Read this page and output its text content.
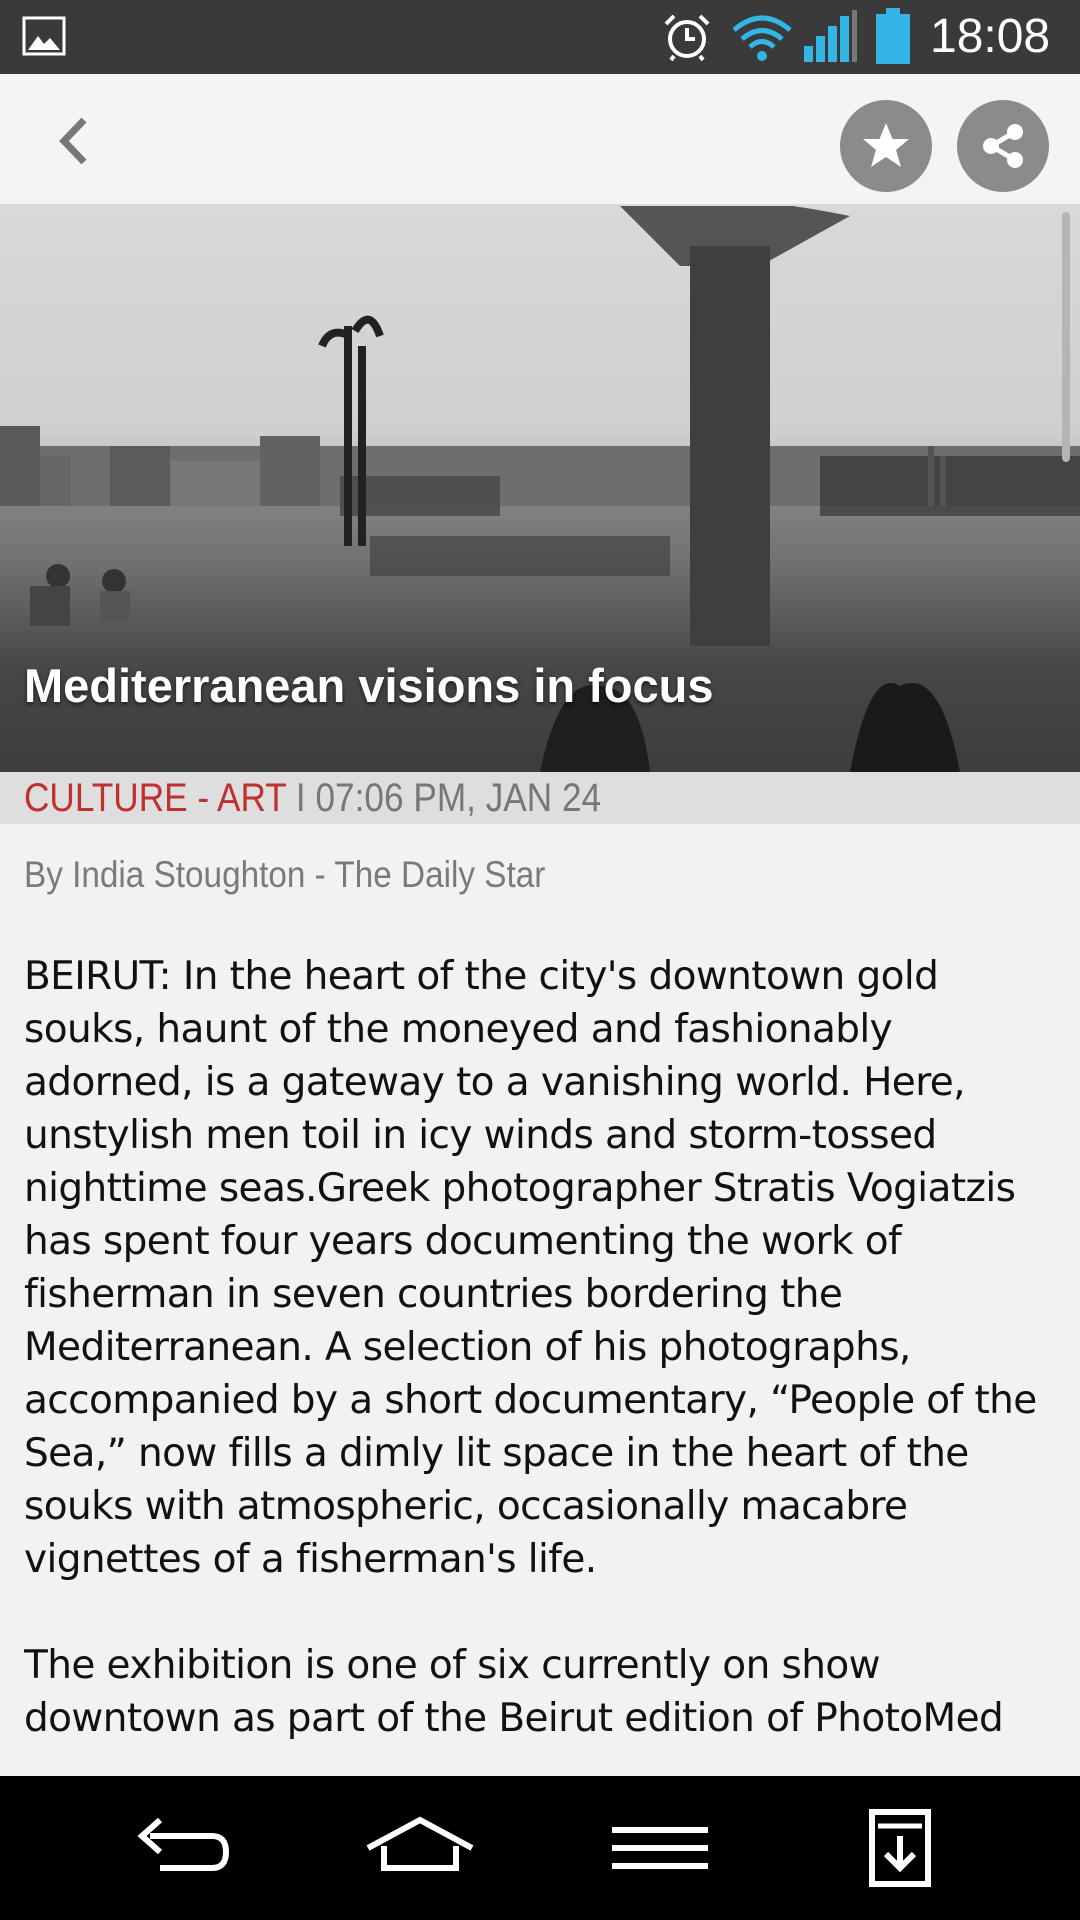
18:08
Mediterranean visions in focus
CULTURE - ART I 07:06 PM, JAN 24
By India Stoughton - The Daily Star

BEIRUT: In the heart of the city's downtown gold souks, haunt of the moneyed and fashionably adorned, is a gateway to a vanishing world. Here, unstylish men toil in icy winds and storm-tossed nighttime seas.Greek photographer Stratis Vogiatzis has spent four years documenting the work of fisherman in seven countries bordering the Mediterranean. A selection of his photographs, accompanied by a short documentary, “People of the Sea,” now fills a dimly lit space in the heart of the souks with atmospheric, occasionally macabre vignettes of a fisherman's life.

The exhibition is one of six currently on show downtown as part of the Beirut edition of PhotoMed
